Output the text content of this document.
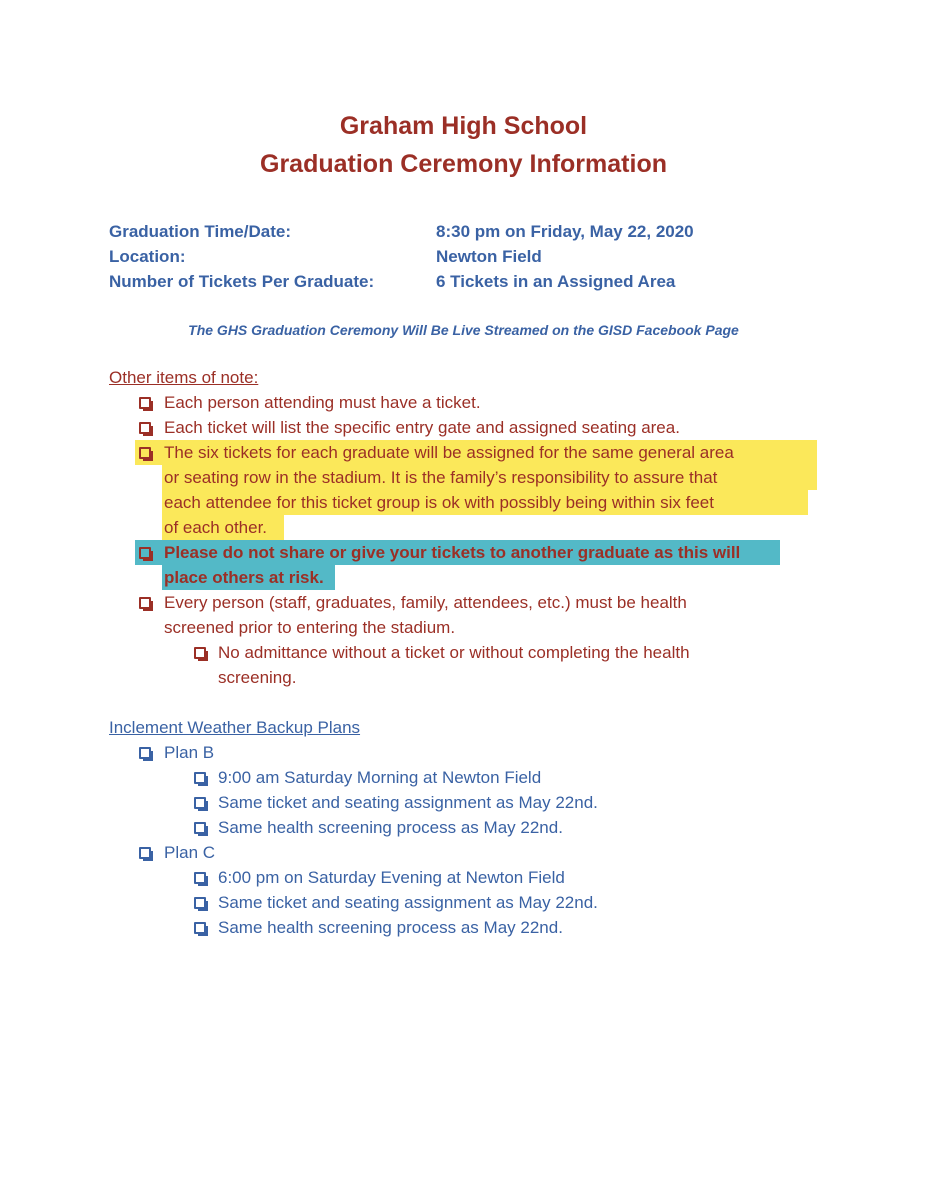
Graham High School
Graduation Ceremony Information
Graduation Time/Date:	8:30 pm on Friday, May 22, 2020
Location:	Newton Field
Number of Tickets Per Graduate:	6 Tickets in an Assigned Area
The GHS Graduation Ceremony Will Be Live Streamed on the GISD Facebook Page
Other items of note:
Each person attending must have a ticket.
Each ticket will list the specific entry gate and assigned seating area.
The six tickets for each graduate will be assigned for the same general area
or seating row in the stadium. It is the family’s responsibility to assure that
each attendee for this ticket group is ok with possibly being within six feet
of each other.
Please do not share or give your tickets to another graduate as this will
place others at risk.
Every person (staff, graduates, family, attendees, etc.) must be health
screened prior to entering the stadium.
No admittance without a ticket or without completing the health
screening.
Inclement Weather Backup Plans
Plan B
9:00 am Saturday Morning at Newton Field
Same ticket and seating assignment as May 22nd.
Same health screening process as May 22nd.
Plan C
6:00 pm on Saturday Evening at Newton Field
Same ticket and seating assignment as May 22nd.
Same health screening process as May 22nd.
